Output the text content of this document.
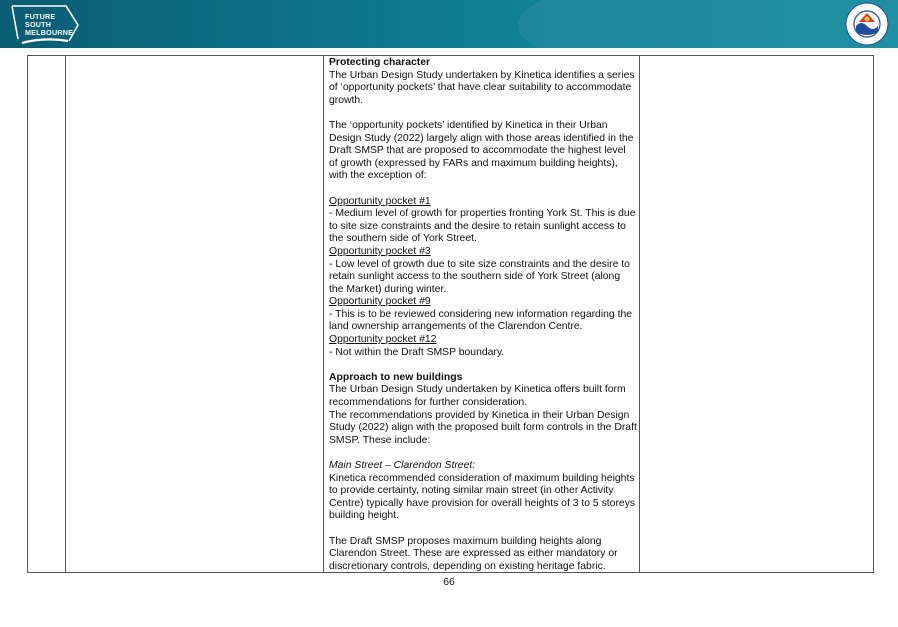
FUTURE
SOUTH
MELBOURNE

Protecting character

The Urban Design Study undertaken by Kinetica identifies a series of ‘opportunity pockets’ that have clear suitability to accommodate growth.

The ‘opportunity pockets’ identified by Kinetica in their Urban Design Study (2022) largely align with those areas identified in the Draft SMSP that are proposed to accommodate the highest level of growth (expressed by FARs and maximum building heights), with the exception of:

Opportunity pocket #1

- Medium level of growth for properties fronting York St. This is due to site size constraints and the desire to retain sunlight access to the southern side of York Street.

Opportunity pocket #3

- Low level of growth due to site size constraints and the desire to retain sunlight access to the southern side of York Street (along the Market) during winter.

Opportunity pocket #9

- This is to be reviewed considering new information regarding the land ownership arrangements of the Clarendon Centre.

Opportunity pocket #12

- Not within the Draft SMSP boundary.

Approach to new buildings

The Urban Design Study undertaken by Kinetica offers built form recommendations for further consideration.

The recommendations provided by Kinetica in their Urban Design Study (2022) align with the proposed built form controls in the Draft SMSP. These include:

Main Street – Clarendon Street:

Kinetica recommended consideration of maximum building heights to provide certainty, noting similar main street (in other Activity Centre) typically have provision for overall heights of 3 to 5 storeys building height.

The Draft SMSP proposes maximum building heights along Clarendon Street. These are expressed as either mandatory or discretionary controls, depending on existing heritage fabric.

66
